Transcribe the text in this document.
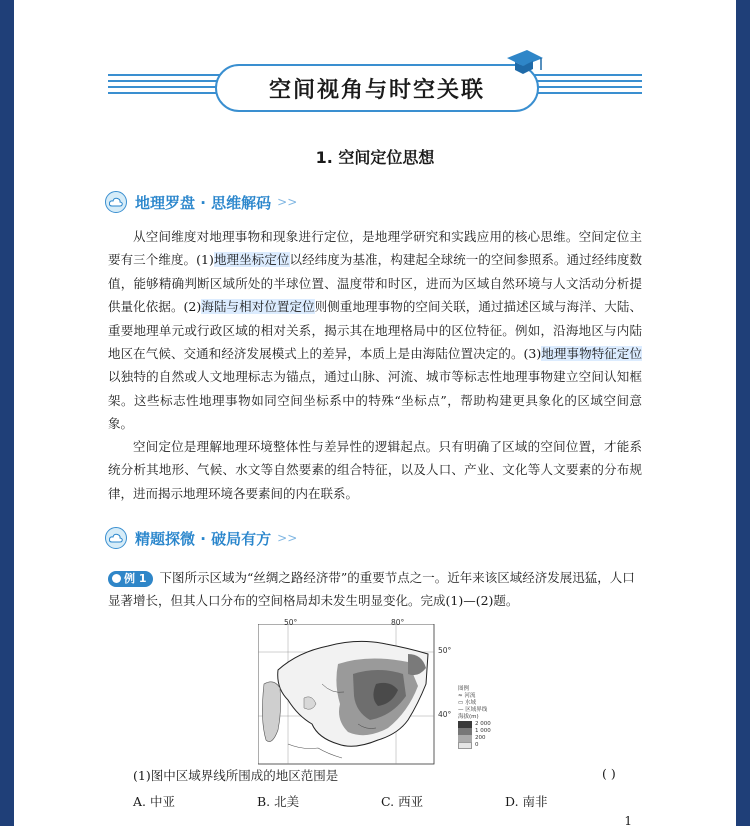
空间视角与时空关联
1. 空间定位思想
地理罗盘 · 思维解码 >>

从空间维度对地理事物和现象进行定位，是地理学研究和实践应用的核心思维。空间定位主要有三个维度。(1)地理坐标定位以经纬度为基准，构建起全球统一的空间参照系。通过经纬度数值，能够精确判断区域所处的半球位置、温度带和时区，进而为区域自然环境与人文活动分析提供量化依据。(2)海陆与相对位置定位则侧重地理事物的空间关联，通过描述区域与海洋、大陆、重要地理单元或行政区域的相对关系，揭示其在地理格局中的区位特征。例如，沿海地区与内陆地区在气候、交通和经济发展模式上的差异，本质上是由海陆位置决定的。(3)地理事物特征定位以独特的自然或人文地理标志为锚点，通过山脉、河流、城市等标志性地理事物建立空间认知框架。这些标志性地理事物如同空间坐标系中的特殊“坐标点”，帮助构建更具象化的区域空间意象。

空间定位是理解地理环境整体性与差异性的逻辑起点。只有明确了区域的空间位置，才能系统分析其地形、气候、水文等自然要素的组合特征，以及人口、产业、文化等人文要素的分布规律，进而揭示地理环境各要素间的内在联系。

精题探微 · 破局有方 >>

例 1 下图所示区域为“丝绸之路经济带”的重要节点之一。近年来该区域经济发展迅猛，人口显著增长，但其人口分布的空间格局却未发生明显变化。完成(1)—(2)题。

50°	80°
50°
40°
图例
≈ 河流
▭ 水域
— 区域界线
海拔(m)
2 000
1 000
200
0
(1)图中区域界线所围成的地区范围是	( )
A. 中亚	B. 北美	C. 西亚	D. 南非
1
